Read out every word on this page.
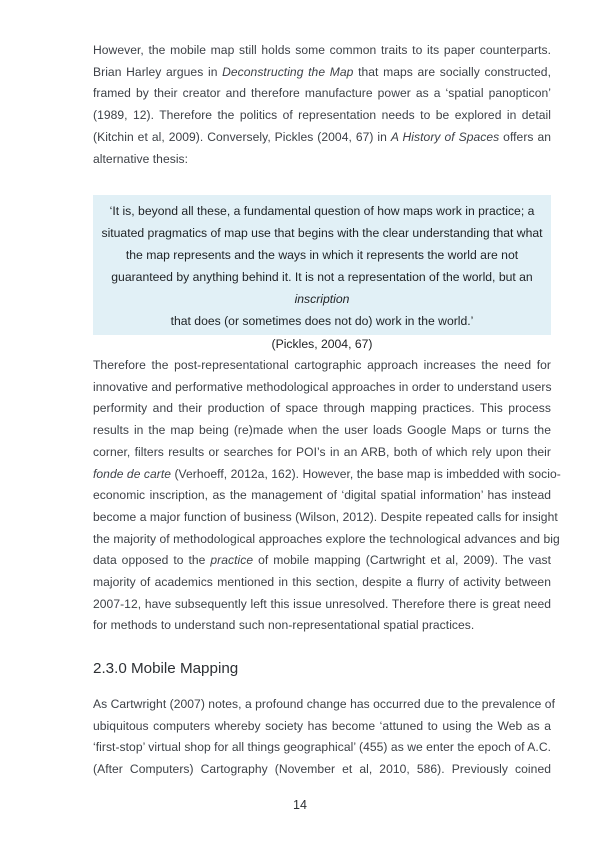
However, the mobile map still holds some common traits to its paper counterparts.
Brian Harley argues in Deconstructing the Map that maps are socially constructed,
framed by their creator and therefore manufacture power as a ‘spatial panopticon’
(1989, 12). Therefore the politics of representation needs to be explored in detail
(Kitchin et al, 2009). Conversely, Pickles (2004, 67) in A History of Spaces offers an
alternative thesis:

‘It is, beyond all these, a fundamental question of how maps work in practice; a
situated pragmatics of map use that begins with the clear understanding that what
the map represents and the ways in which it represents the world are not
guaranteed by anything behind it. It is not a representation of the world, but an
inscription
that does (or sometimes does not do) work in the world.’

(Pickles, 2004, 67)

Therefore the post-representational cartographic approach increases the need for
innovative and performative methodological approaches in order to understand users
performity and their production of space through mapping practices. This process
results in the map being (re)made when the user loads Google Maps or turns the
corner, filters results or searches for POI’s in an ARB, both of which rely upon their
fonde de carte (Verhoeff, 2012a, 162). However, the base map is imbedded with socio-
economic inscription, as the management of ‘digital spatial information’ has instead
become a major function of business (Wilson, 2012). Despite repeated calls for insight
the majority of methodological approaches explore the technological advances and big
data opposed to the practice of mobile mapping (Cartwright et al, 2009). The vast
majority of academics mentioned in this section, despite a flurry of activity between
2007-12, have subsequently left this issue unresolved. Therefore there is great need
for methods to understand such non-representational spatial practices.

2.3.0 Mobile Mapping

As Cartwright (2007) notes, a profound change has occurred due to the prevalence of
ubiquitous computers whereby society has become ‘attuned to using the Web as a
‘first-stop’ virtual shop for all things geographical’ (455) as we enter the epoch of A.C.
(After Computers) Cartography (November et al, 2010, 586). Previously coined

14
